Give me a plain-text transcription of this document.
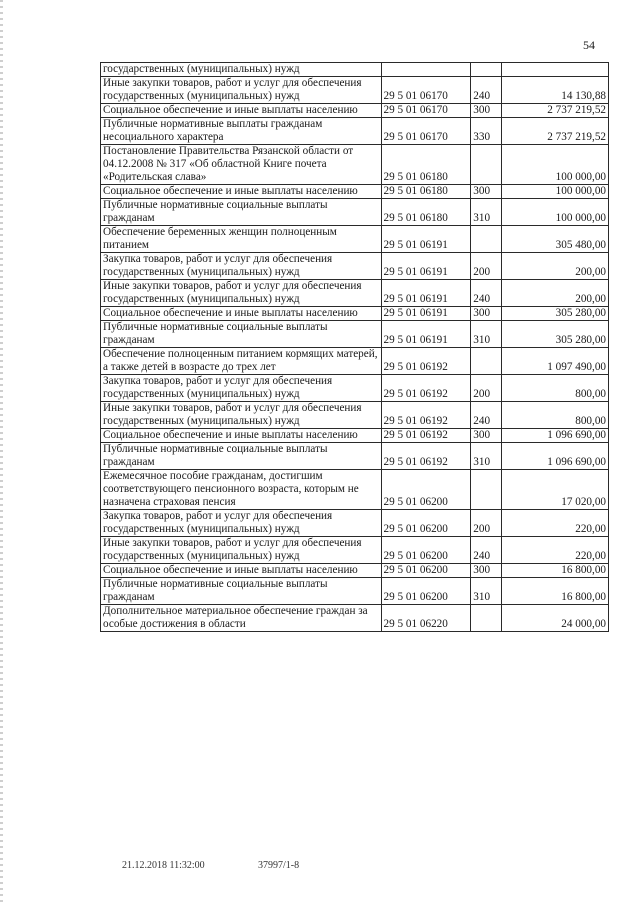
54
государственных (муниципальных) нужд			
Иные закупки товаров, работ и услуг для обеспечения государственных (муниципальных) нужд	29 5 01 06170	240	14 130,88
Социальное обеспечение и иные выплаты населению	29 5 01 06170	300	2 737 219,52
Публичные нормативные выплаты гражданам несоциального характера	29 5 01 06170	330	2 737 219,52
Постановление Правительства Рязанской области от 04.12.2008 № 317 «Об областной Книге почета «Родительская слава»	29 5 01 06180		100 000,00
Социальное обеспечение и иные выплаты населению	29 5 01 06180	300	100 000,00
Публичные нормативные социальные выплаты гражданам	29 5 01 06180	310	100 000,00
Обеспечение беременных женщин полноценным питанием	29 5 01 06191		305 480,00
Закупка товаров, работ и услуг для обеспечения государственных (муниципальных) нужд	29 5 01 06191	200	200,00
Иные закупки товаров, работ и услуг для обеспечения государственных (муниципальных) нужд	29 5 01 06191	240	200,00
Социальное обеспечение и иные выплаты населению	29 5 01 06191	300	305 280,00
Публичные нормативные социальные выплаты гражданам	29 5 01 06191	310	305 280,00
Обеспечение полноценным питанием кормящих матерей, а также детей в возрасте до трех лет	29 5 01 06192		1 097 490,00
Закупка товаров, работ и услуг для обеспечения государственных (муниципальных) нужд	29 5 01 06192	200	800,00
Иные закупки товаров, работ и услуг для обеспечения государственных (муниципальных) нужд	29 5 01 06192	240	800,00
Социальное обеспечение и иные выплаты населению	29 5 01 06192	300	1 096 690,00
Публичные нормативные социальные выплаты гражданам	29 5 01 06192	310	1 096 690,00
Ежемесячное пособие гражданам, достигшим соответствующего пенсионного возраста, которым не назначена страховая пенсия	29 5 01 06200		17 020,00
Закупка товаров, работ и услуг для обеспечения государственных (муниципальных) нужд	29 5 01 06200	200	220,00
Иные закупки товаров, работ и услуг для обеспечения государственных (муниципальных) нужд	29 5 01 06200	240	220,00
Социальное обеспечение и иные выплаты населению	29 5 01 06200	300	16 800,00
Публичные нормативные социальные выплаты гражданам	29 5 01 06200	310	16 800,00
Дополнительное материальное обеспечение граждан за особые достижения в области	29 5 01 06220		24 000,00
21.12.2018 11:32:00	37997/1-8
